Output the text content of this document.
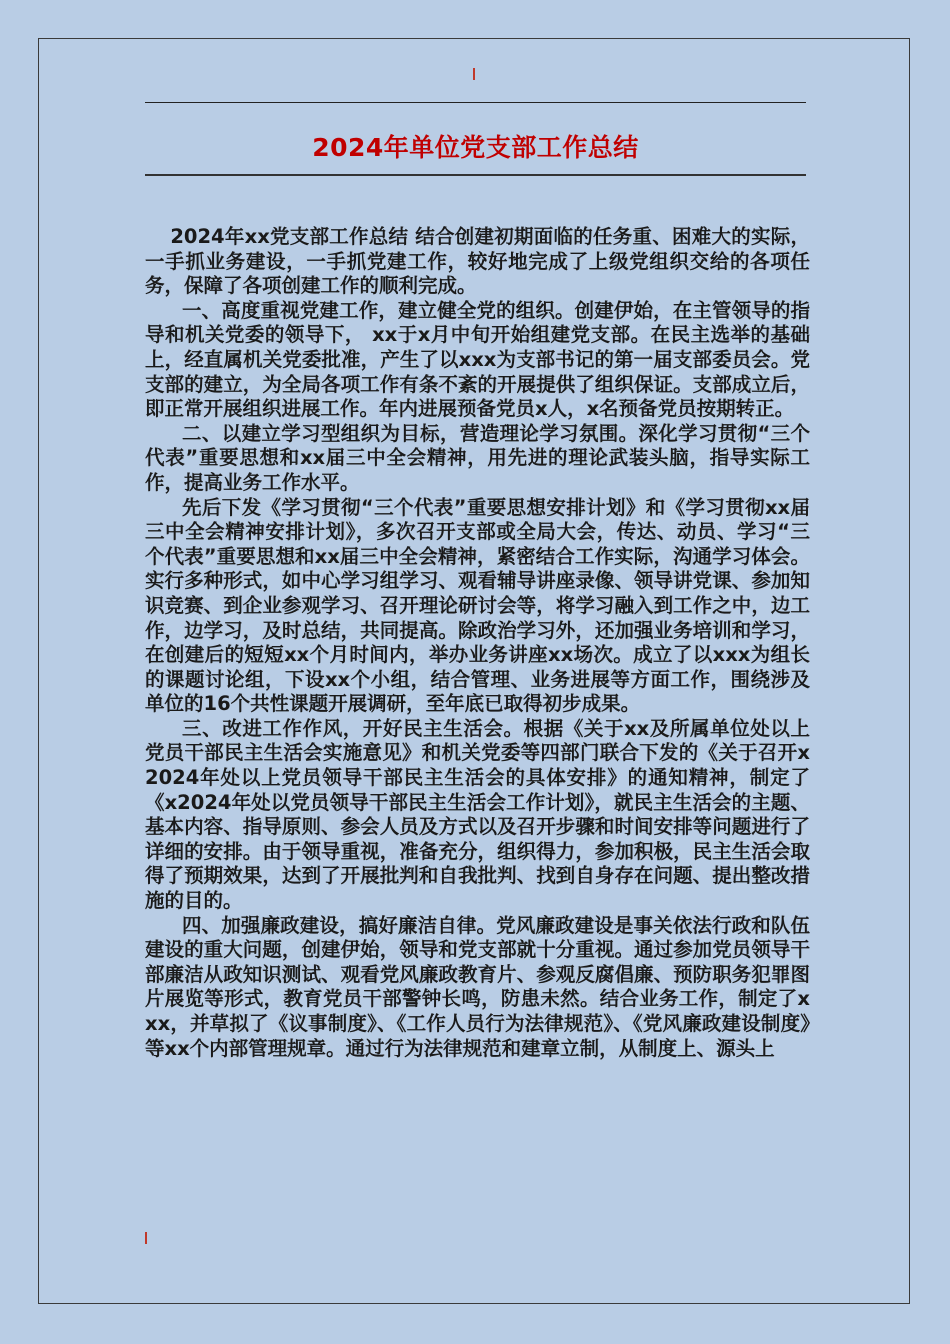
2024年单位党支部工作总结

2024年xx党支部工作总结 结合创建初期面临的任务重、困难大的实际，一手抓业务建设，一手抓党建工作，较好地完成了上级党组织交给的各项任务，保障了各项创建工作的顺利完成。

一、高度重视党建工作，建立健全党的组织。创建伊始，在主管领导的指导和机关党委的领导下， xx于x月中旬开始组建党支部。在民主选举的基础上，经直属机关党委批准，产生了以xxx为支部书记的第一届支部委员会。党支部的建立，为全局各项工作有条不紊的开展提供了组织保证。支部成立后，即正常开展组织进展工作。年内进展预备党员x人，x名预备党员按期转正。

二、以建立学习型组织为目标，营造理论学习氛围。深化学习贯彻“三个代表”重要思想和xx届三中全会精神，用先进的理论武装头脑，指导实际工作，提高业务工作水平。

先后下发《学习贯彻“三个代表”重要思想安排计划》和《学习贯彻xx届三中全会精神安排计划》，多次召开支部或全局大会，传达、动员、学习“三个代表”重要思想和xx届三中全会精神，紧密结合工作实际，沟通学习体会。实行多种形式，如中心学习组学习、观看辅导讲座录像、领导讲党课、参加知识竞赛、到企业参观学习、召开理论研讨会等，将学习融入到工作之中，边工作，边学习，及时总结，共同提高。除政治学习外，还加强业务培训和学习，在创建后的短短xx个月时间内，举办业务讲座xx场次。成立了以xxx为组长的课题讨论组，下设xx个小组，结合管理、业务进展等方面工作，围绕涉及单位的16个共性课题开展调研，至年底已取得初步成果。

三、改进工作作风，开好民主生活会。根据《关于xx及所属单位处以上党员干部民主生活会实施意见》和机关党委等四部门联合下发的《关于召开x2024年处以上党员领导干部民主生活会的具体安排》的通知精神，制定了《x2024年处以党员领导干部民主生活会工作计划》，就民主生活会的主题、基本内容、指导原则、参会人员及方式以及召开步骤和时间安排等问题进行了详细的安排。由于领导重视，准备充分，组织得力，参加积极，民主生活会取得了预期效果，达到了开展批判和自我批判、找到自身存在问题、提出整改措施的目的。

四、加强廉政建设，搞好廉洁自律。党风廉政建设是事关依法行政和队伍建设的重大问题，创建伊始，领导和党支部就十分重视。通过参加党员领导干部廉洁从政知识测试、观看党风廉政教育片、参观反腐倡廉、预防职务犯罪图片展览等形式，教育党员干部警钟长鸣，防患未然。结合业务工作，制定了xxx，并草拟了《议事制度》、《工作人员行为法律规范》、《党风廉政建设制度》等xx个内部管理规章。通过行为法律规范和建章立制，从制度上、源头上
